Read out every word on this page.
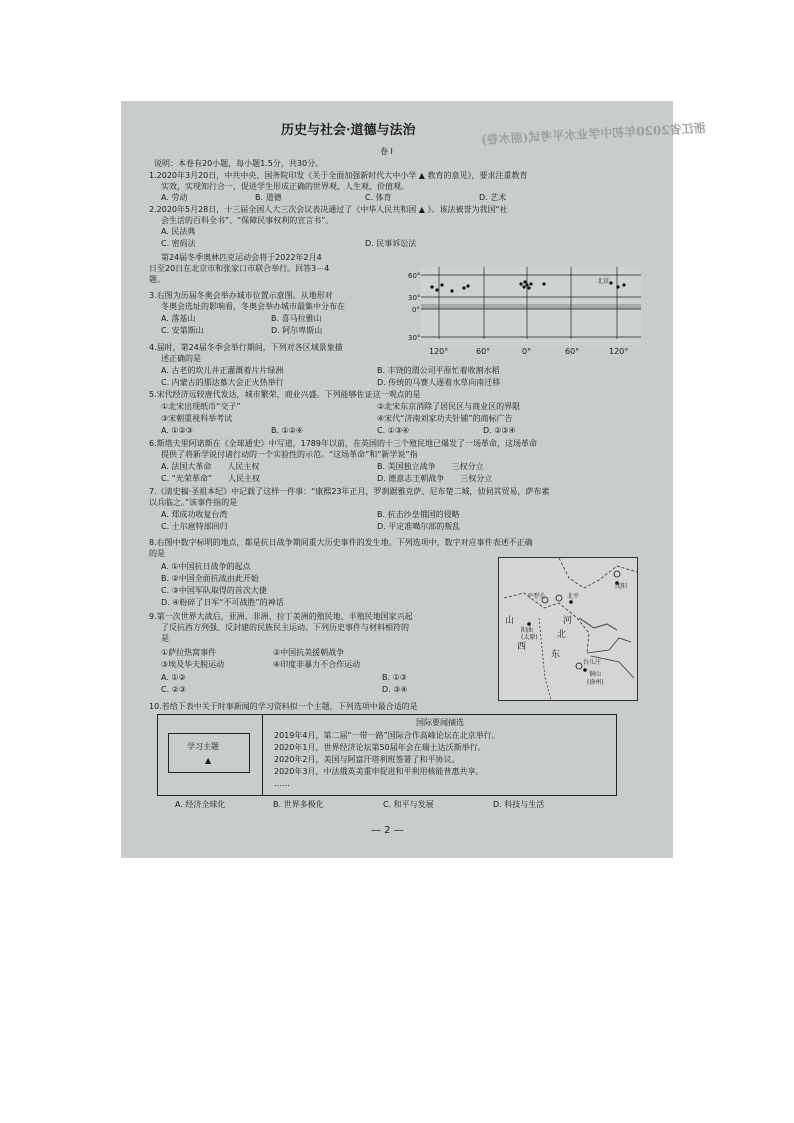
历史与社会·道德与法治	浙江省2020年初中学业水平考试(丽水卷)
卷 Ⅰ
说明：本卷有20小题，每小题1.5分，共30分。
1.2020年3月20日，中共中央、国务院印发《关于全面加强新时代大中小学 ▲ 教育的意见》，要求注重教育
实效，实现知行合一，促进学生形成正确的世界观、人生观、价值观。
A. 劳动	B. 道德	C. 体育	D. 艺术
2.2020年5月28日，十三届全国人大三次会议表决通过了《中华人民共和国 ▲ 》。该法被誉为我国“社
会生活的百科全书”、“保障民事权利的宣言书”。
A. 民法典
C. 密码法	D. 民事诉讼法
第24届冬季奥林匹克运动会将于2022年2月4
日至20日在北京市和张家口市联合举行。回答3－4
题。
3.右图为历届冬奥会举办城市位置示意图。从地形对
冬奥会选址的影响看，冬奥会举办城市最集中分布在
A. 落基山	B. 喜马拉雅山
C. 安第斯山	D. 阿尔卑斯山
北京
60°
30°
0°
30°
120°	60°	0°	60°	120°
4.届时，第24届冬季会举行期间，下列对各区域景象描
述正确的是
A. 古老的坎儿井正灌溉着片片绿洲	B. 丰饶的渭公司平原忙着收割水稻
C. 内蒙古的那达慕大会正火热举行	D. 传统的马赛人逐着水草向南迁移
5.宋代经济远较唐代发达，城市繁荣，商业兴盛。下列能够佐证这一观点的是
①北宋出现纸币“交子”	②北宋东京消除了居民区与商业区的界限
③宋朝重视科举考试	④宋代“济南刘家功夫针铺”的商标广告
A. ①②③	B. ①②④	C. ①③④	D. ②③④
6.斯塔夫里阿诺斯在《全球通史》中写道，1789年以前，在英国的十三个殖民地已爆发了一场革命，这场革命
提供了将新学说付诸行动的一个实验性的示范。“这场革命”和“新学说”指
A. 法国大革命　　人民主权	B. 美国独立战争　　三权分立
C. “光荣革命”　　人民主权	D. 德意志王朝战争　　三权分立
7.《清史稿·圣祖本纪》中记载了这样一件事：“康熙23年正月，罗刹踞雅克萨、尼布楚二城，侦伺其贸易，萨布素
以兵临之。”该事件指的是
A. 郑成功收复台湾	B. 抗击沙皇俄国的侵略
C. 土尔扈特部回归	D. 平定准噶尔部的叛乱
8.右图中数字标明的地点，都是抗日战争期间重大历史事件的发生地。下列选项中，数字对应事件表述不正确
的是
A. ①中国抗日战争的起点
B. ②中国全面抗战由此开始
C. ③中国军队取得的首次大捷
D. ④粉碎了日军“不可战胜”的神话
沈阳
平型关	北平
山
西
河
北
东
阳曲
(太原)
台儿庄
铜山
(徐州)
9.第一次世界大战后，亚洲、非洲、拉丁美洲的殖民地、半殖民地国家兴起
了反抗西方列强、反封建的民族民主运动。下列历史事件与材料相符的
是
①萨拉热窝事件	②中国抗美援朝战争
③埃及华夫脱运动	④印度非暴力不合作运动
A. ①②	B. ①③
C. ②③	D. ③④
10.若给下表中关于时事新闻的学习资料拟一个主题，下列选项中最合适的是
学习主题
▲
国际要闻摘选
2019年4月，第二届“一带一路”国际合作高峰论坛在北京举行。
2020年1月，世界经济论坛第50届年会在瑞士达沃斯举行。
2020年2月，美国与阿富汗塔利班签署了和平协议。
2020年3月，中法俄英美重申促进和平利用核能普惠共享。
……
A. 经济全球化	B. 世界多极化	C. 和平与发展	D. 科技与生活
— 2 —
